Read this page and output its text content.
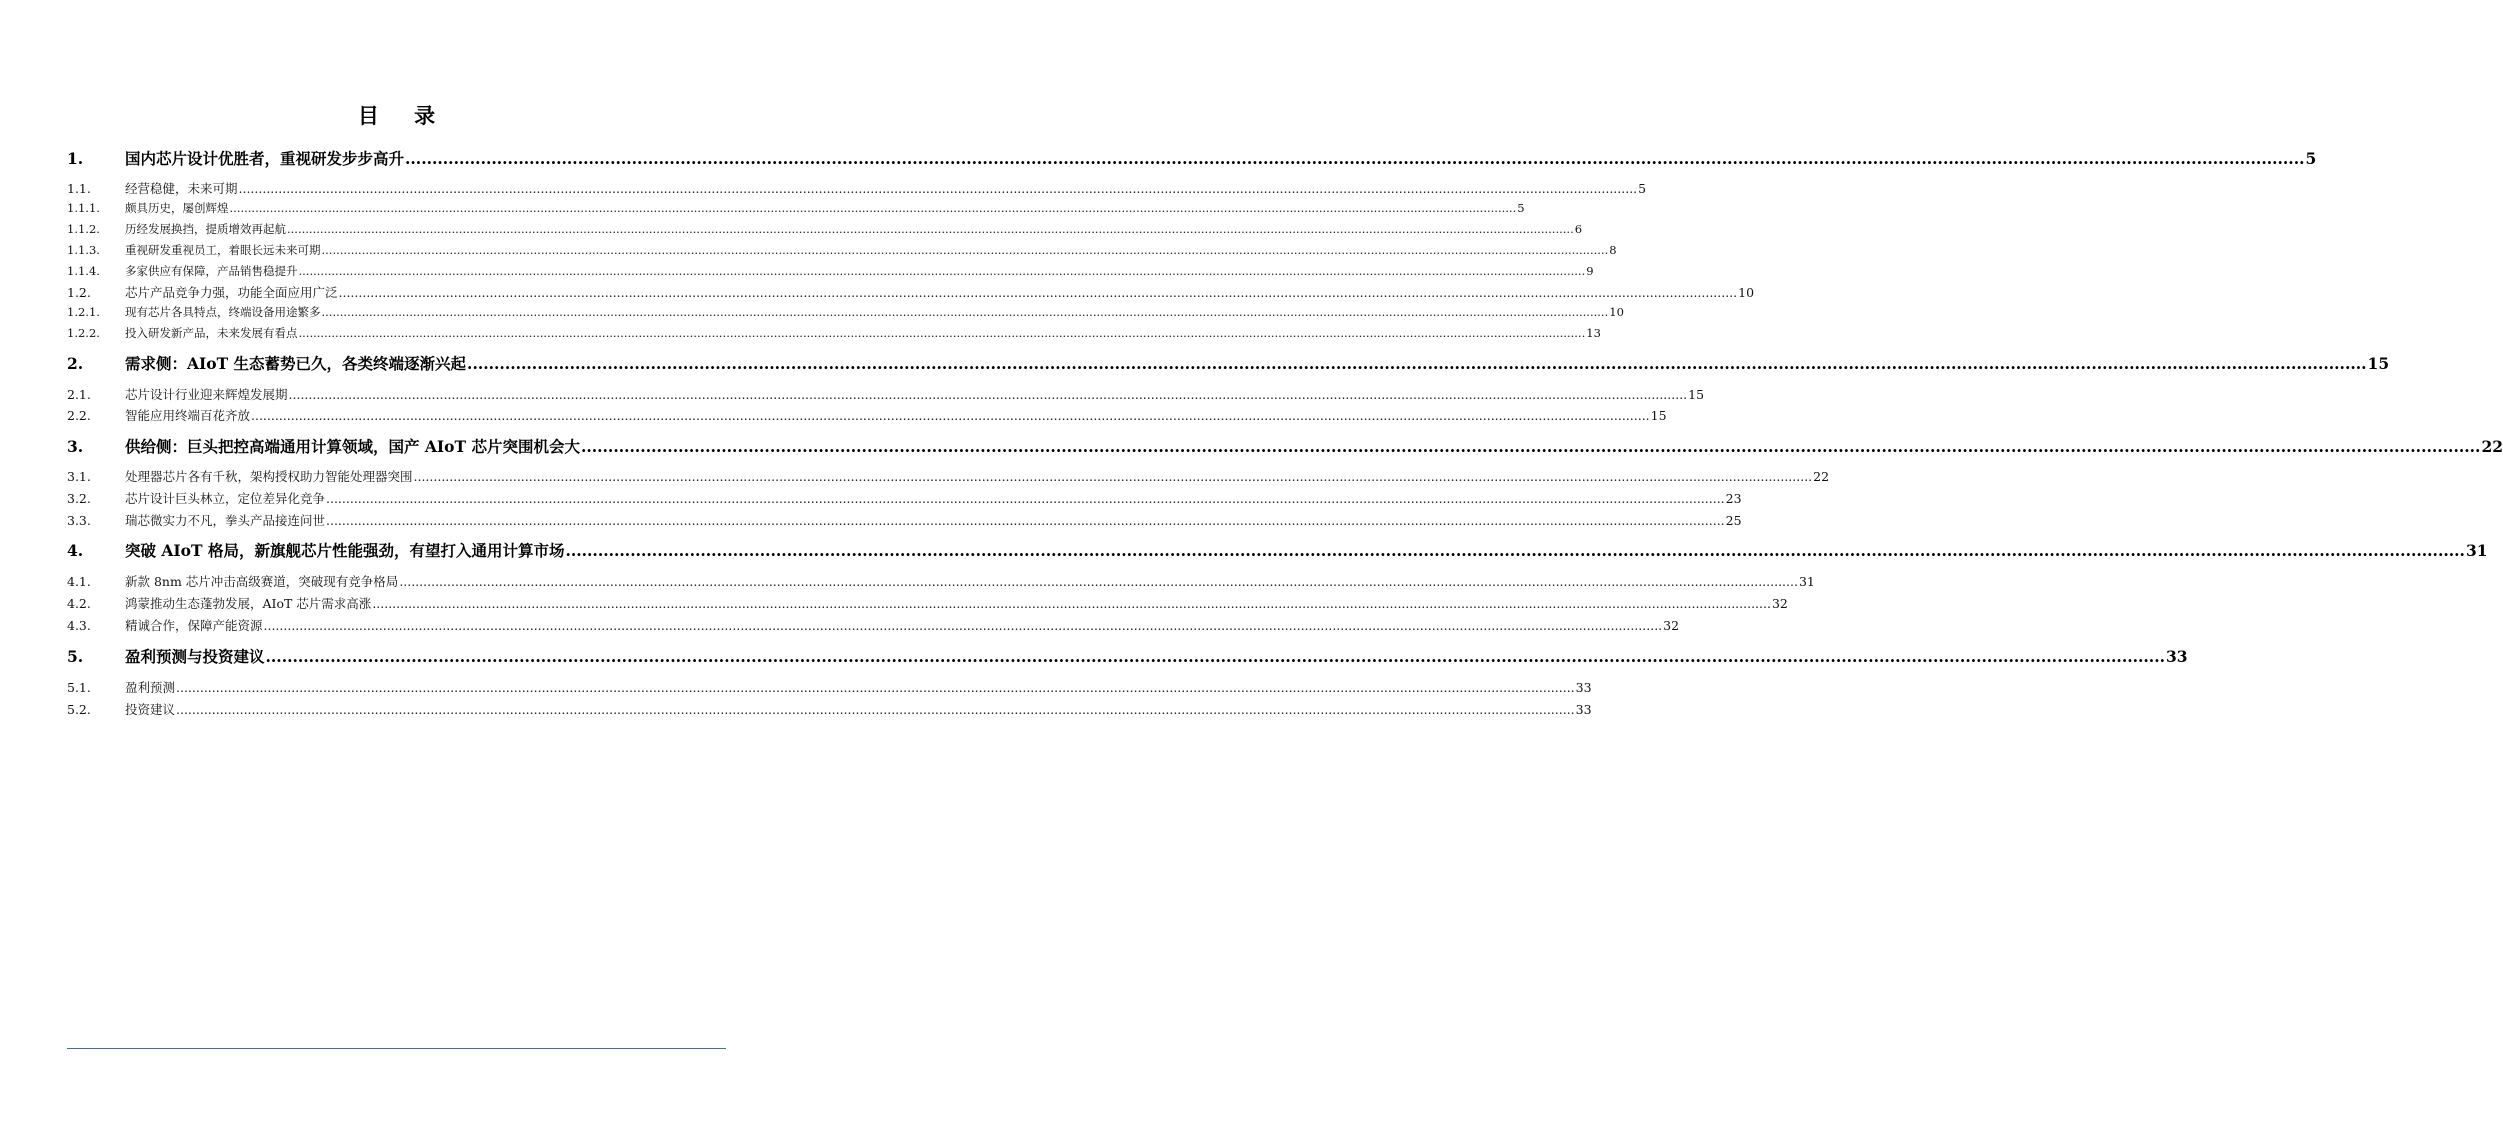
目 录
1.	国内芯片设计优胜者，重视研发步步高升 .....	5
1.1.	经营稳健，未来可期 .....	5
1.1.1.	颇具历史，屡创辉煌 .....	5
1.1.2.	历经发展换挡，提质增效再起航 .....	6
1.1.3.	重视研发重视员工，着眼长远未来可期 .....	8
1.1.4.	多家供应有保障，产品销售稳提升 .....	9
1.2.	芯片产品竞争力强，功能全面应用广泛 .....	10
1.2.1.	现有芯片各具特点，终端设备用途繁多 .....	10
1.2.2.	投入研发新产品，未来发展有看点 .....	13
2.	需求侧：AIoT 生态蓄势已久，各类终端逐渐兴起 .....	15
2.1.	芯片设计行业迎来辉煌发展期 .....	15
2.2.	智能应用终端百花齐放 .....	15
3.	供给侧：巨头把控高端通用计算领域，国产 AIoT 芯片突围机会大 .....	22
3.1.	处理器芯片各有千秋，架构授权助力智能处理器突围 .....	22
3.2.	芯片设计巨头林立，定位差异化竞争 .....	23
3.3.	瑞芯微实力不凡，拳头产品接连问世 .....	25
4.	突破 AIoT 格局，新旗舰芯片性能强劲，有望打入通用计算市场 .....	31
4.1.	新款 8nm 芯片冲击高级赛道，突破现有竞争格局 .....	31
4.2.	鸿蒙推动生态蓬勃发展，AIoT 芯片需求高涨 .....	32
4.3.	精诚合作，保障产能资源 .....	32
5.	盈利预测与投资建议 .....	33
5.1.	盈利预测 .....	33
5.2.	投资建议 .....	33
